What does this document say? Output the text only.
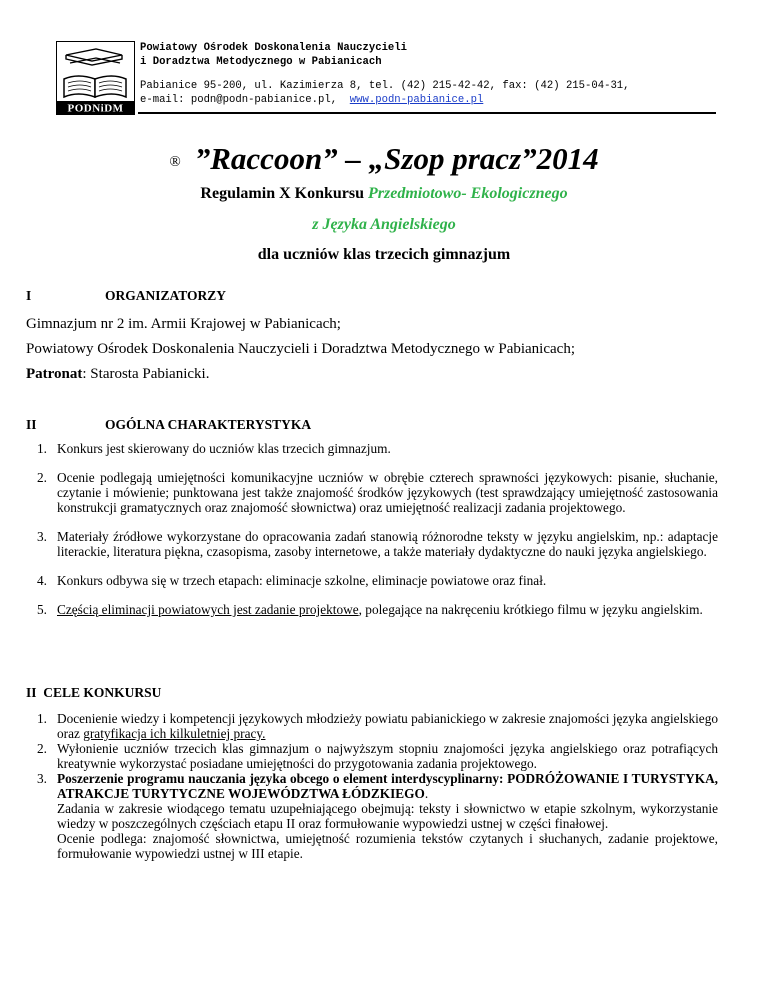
PODNiDM
Powiatowy Ośrodek Doskonalenia Nauczycieli
i Doradztwa Metodycznego w Pabianicach
Pabianice 95-200, ul. Kazimierza 8, tel. (42) 215-42-42, fax: (42) 215-04-31,
e-mail: podn@podn-pabianice.pl, www.podn-pabianice.pl
® ”Raccoon” – „Szop pracz”2014
Regulamin X Konkursu Przedmiotowo- Ekologicznego
z Języka Angielskiego
dla uczniów klas trzecich gimnazjum
I	ORGANIZATORZY
Gimnazjum nr 2 im. Armii Krajowej w Pabianicach;
Powiatowy Ośrodek Doskonalenia Nauczycieli i Doradztwa Metodycznego w Pabianicach;
Patronat: Starosta Pabianicki.
II	OGÓLNA CHARAKTERYSTYKA
1. Konkurs jest skierowany do uczniów klas trzecich gimnazjum.
2. Ocenie podlegają umiejętności komunikacyjne uczniów w obrębie czterech sprawności językowych: pisanie, słuchanie, czytanie i mówienie; punktowana jest także znajomość środków językowych (test sprawdzający umiejętność zastosowania konstrukcji gramatycznych oraz znajomość słownictwa) oraz umiejętność realizacji zadania projektowego.
3. Materiały źródłowe wykorzystane do opracowania zadań stanowią różnorodne teksty w języku angielskim, np.: adaptacje literackie, literatura piękna, czasopisma, zasoby internetowe, a także materiały dydaktyczne do nauki języka angielskiego.
4. Konkurs odbywa się w trzech etapach: eliminacje szkolne, eliminacje powiatowe oraz finał.
5. Częścią eliminacji powiatowych jest zadanie projektowe, polegające na nakręceniu krótkiego filmu w języku angielskim.
II CELE KONKURSU
1. Docenienie wiedzy i kompetencji językowych młodzieży powiatu pabianickiego w zakresie znajomości języka angielskiego oraz gratyfikacja ich kilkuletniej pracy.
2. Wyłonienie uczniów trzecich klas gimnazjum o najwyższym stopniu znajomości języka angielskiego oraz potrafiących kreatywnie wykorzystać posiadane umiejętności do przygotowania zadania projektowego.
3. Poszerzenie programu nauczania języka obcego o element interdyscyplinarny: PODRÓŻOWANIE I TURYSTYKA, ATRAKCJE TURYTYCZNE WOJEWÓDZTWA ŁÓDZKIEGO.
Zadania w zakresie wiodącego tematu uzupełniającego obejmują: teksty i słownictwo w etapie szkolnym, wykorzystanie wiedzy w poszczególnych częściach etapu II oraz formułowanie wypowiedzi ustnej w części finałowej.
Ocenie podlega: znajomość słownictwa, umiejętność rozumienia tekstów czytanych i słuchanych, zadanie projektowe, formułowanie wypowiedzi ustnej w III etapie.
